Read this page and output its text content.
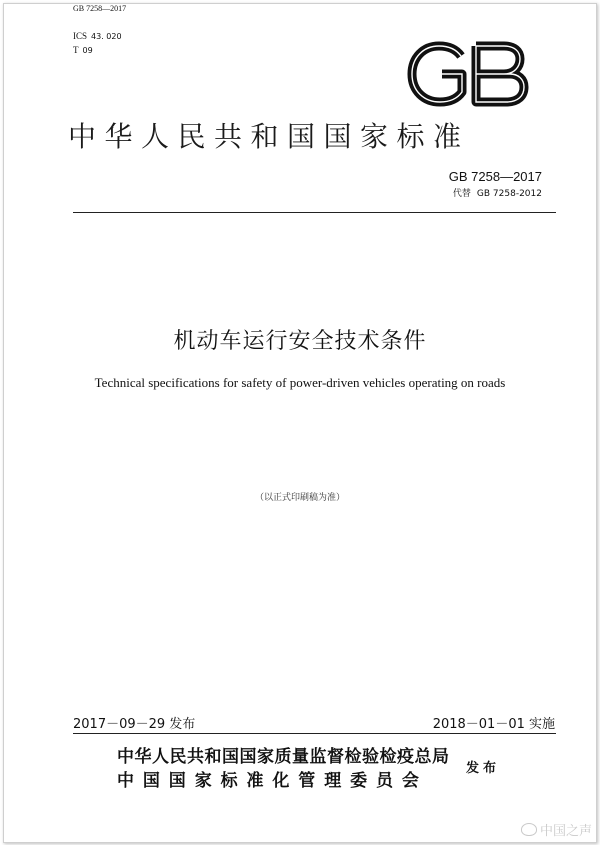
GB 7258—2017
ICS 43. 020
T 09
中华人民共和国国家标准
GB 7258—2017
代替 GB 7258-2012
机动车运行安全技术条件
Technical specifications for safety of power-driven vehicles operating on roads
（以正式印刷稿为准）
2017－09－29 发布	2018－01－01 实施
中华人民共和国国家质量监督检验检疫总局
中国国家标准化管理委员会
发布
中国之声
